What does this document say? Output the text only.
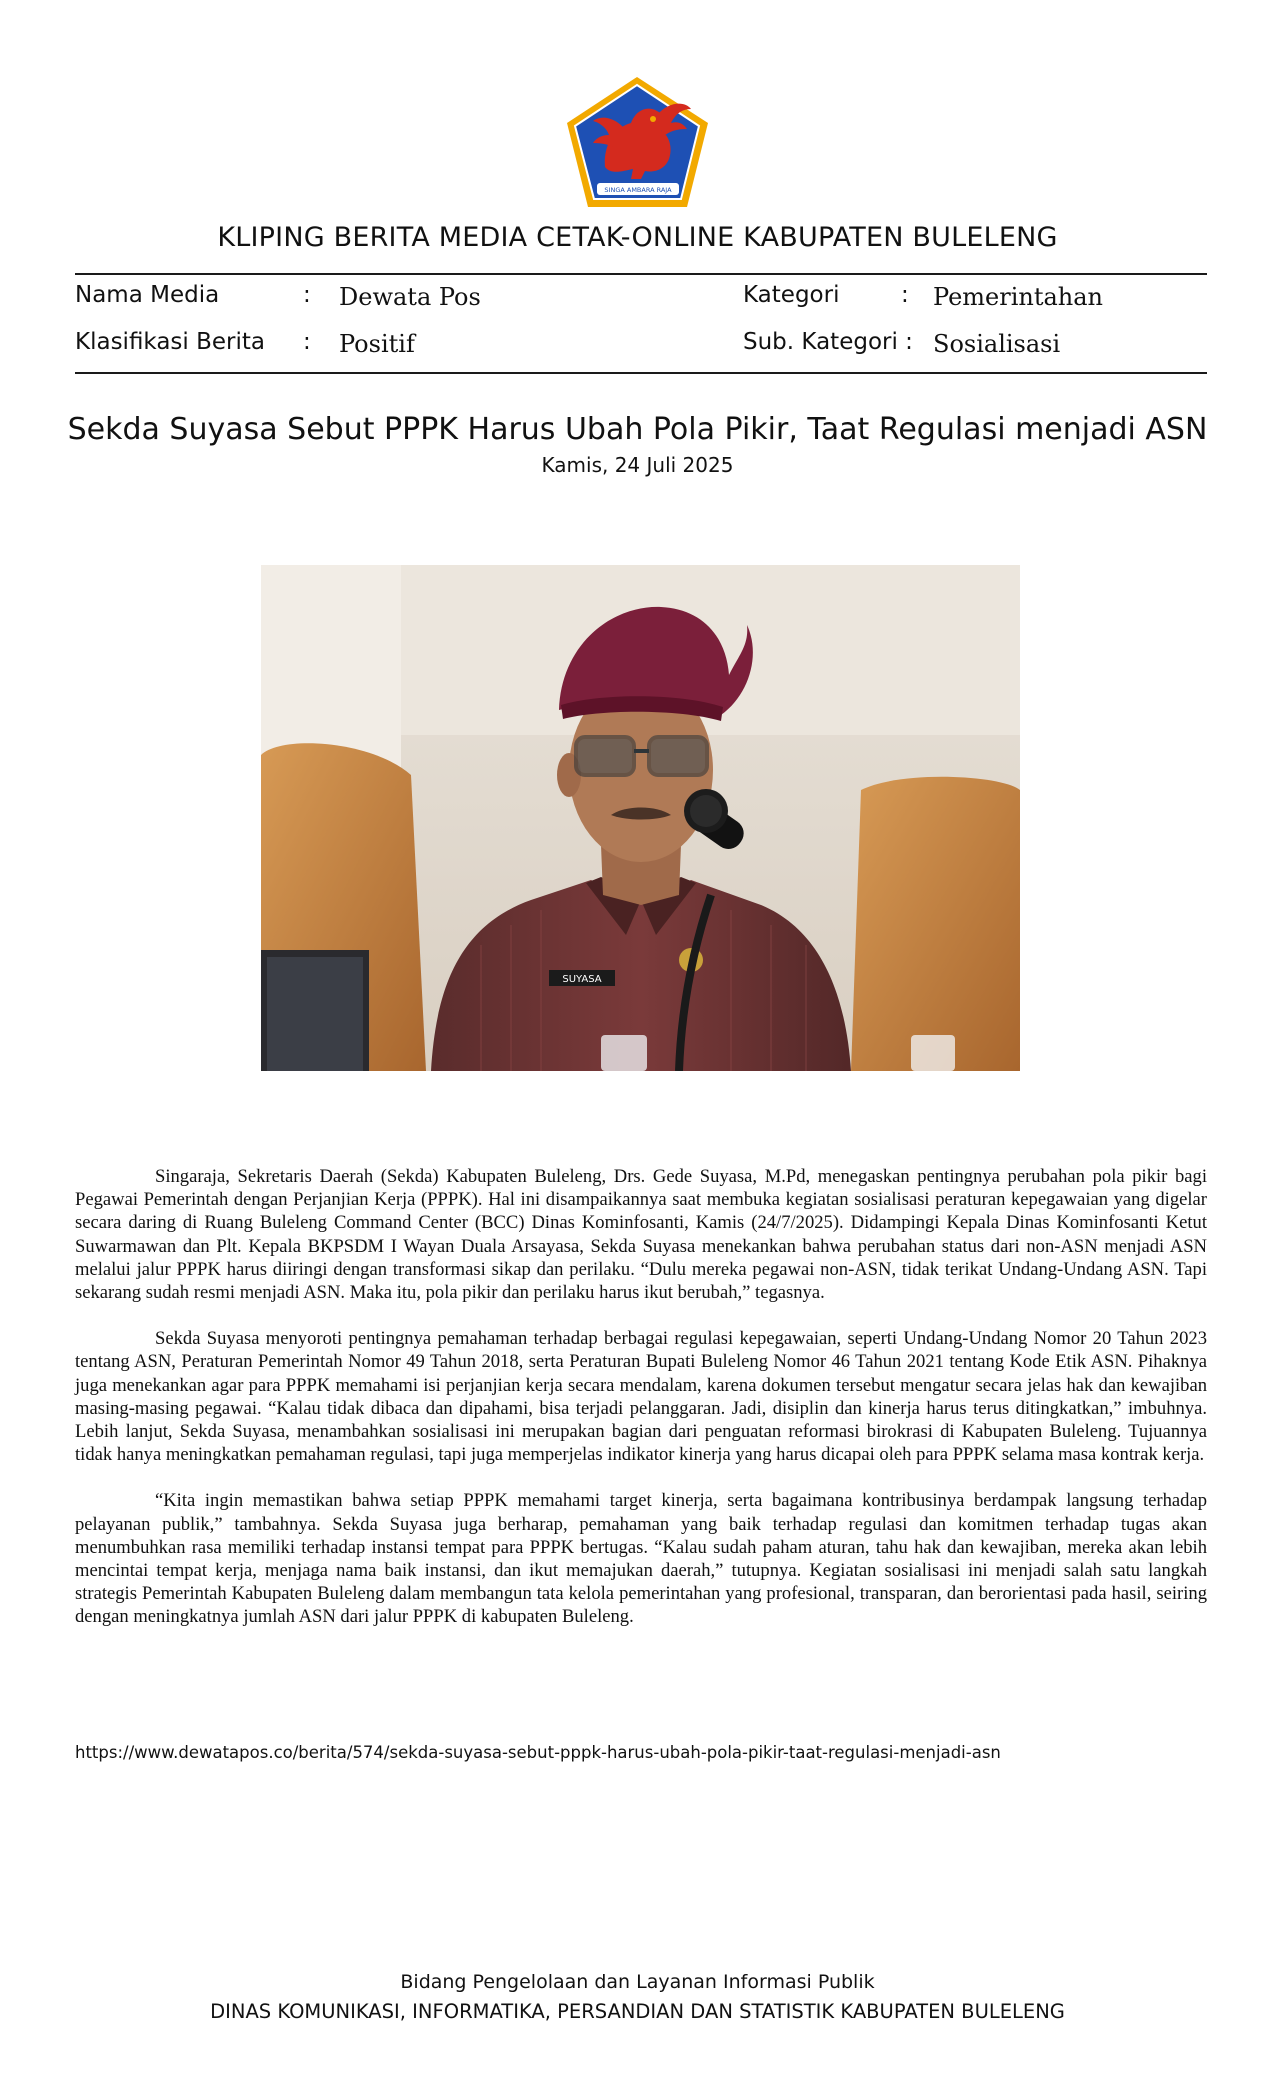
SINGA AMBARA RAJA
KLIPING BERITA MEDIA CETAK-ONLINE KABUPATEN BULELENG
Nama Media	: Dewata Pos
Klasifikasi Berita : Positif
Kategori	: Pemerintahan
Sub. Kategori : Sosialisasi
Sekda Suyasa Sebut PPPK Harus Ubah Pola Pikir, Taat Regulasi menjadi ASN
Kamis, 24 Juli 2025
SUYASA

Singaraja, Sekretaris Daerah (Sekda) Kabupaten Buleleng, Drs. Gede Suyasa, M.Pd, menegaskan pentingnya perubahan pola pikir bagi Pegawai Pemerintah dengan Perjanjian Kerja (PPPK). Hal ini disampaikannya saat membuka kegiatan sosialisasi peraturan kepegawaian yang digelar secara daring di Ruang Buleleng Command Center (BCC) Dinas Kominfosanti, Kamis (24/7/2025). Didampingi Kepala Dinas Kominfosanti Ketut Suwarmawan dan Plt. Kepala BKPSDM I Wayan Duala Arsayasa, Sekda Suyasa menekankan bahwa perubahan status dari non-ASN menjadi ASN melalui jalur PPPK harus diiringi dengan transformasi sikap dan perilaku. “Dulu mereka pegawai non-ASN, tidak terikat Undang-Undang ASN. Tapi sekarang sudah resmi menjadi ASN. Maka itu, pola pikir dan perilaku harus ikut berubah,” tegasnya.

Sekda Suyasa menyoroti pentingnya pemahaman terhadap berbagai regulasi kepegawaian, seperti Undang-Undang Nomor 20 Tahun 2023 tentang ASN, Peraturan Pemerintah Nomor 49 Tahun 2018, serta Peraturan Bupati Buleleng Nomor 46 Tahun 2021 tentang Kode Etik ASN. Pihaknya juga menekankan agar para PPPK memahami isi perjanjian kerja secara mendalam, karena dokumen tersebut mengatur secara jelas hak dan kewajiban masing-masing pegawai. “Kalau tidak dibaca dan dipahami, bisa terjadi pelanggaran. Jadi, disiplin dan kinerja harus terus ditingkatkan,” imbuhnya. Lebih lanjut, Sekda Suyasa, menambahkan sosialisasi ini merupakan bagian dari penguatan reformasi birokrasi di Kabupaten Buleleng. Tujuannya tidak hanya meningkatkan pemahaman regulasi, tapi juga memperjelas indikator kinerja yang harus dicapai oleh para PPPK selama masa kontrak kerja.

“Kita ingin memastikan bahwa setiap PPPK memahami target kinerja, serta bagaimana kontribusinya berdampak langsung terhadap pelayanan publik,” tambahnya. Sekda Suyasa juga berharap, pemahaman yang baik terhadap regulasi dan komitmen terhadap tugas akan menumbuhkan rasa memiliki terhadap instansi tempat para PPPK bertugas. “Kalau sudah paham aturan, tahu hak dan kewajiban, mereka akan lebih mencintai tempat kerja, menjaga nama baik instansi, dan ikut memajukan daerah,” tutupnya. Kegiatan sosialisasi ini menjadi salah satu langkah strategis Pemerintah Kabupaten Buleleng dalam membangun tata kelola pemerintahan yang profesional, transparan, dan berorientasi pada hasil, seiring dengan meningkatnya jumlah ASN dari jalur PPPK di kabupaten Buleleng.

https://www.dewatapos.co/berita/574/sekda-suyasa-sebut-pppk-harus-ubah-pola-pikir-taat-regulasi-menjadi-asn
Bidang Pengelolaan dan Layanan Informasi Publik
DINAS KOMUNIKASI, INFORMATIKA, PERSANDIAN DAN STATISTIK KABUPATEN BULELENG
